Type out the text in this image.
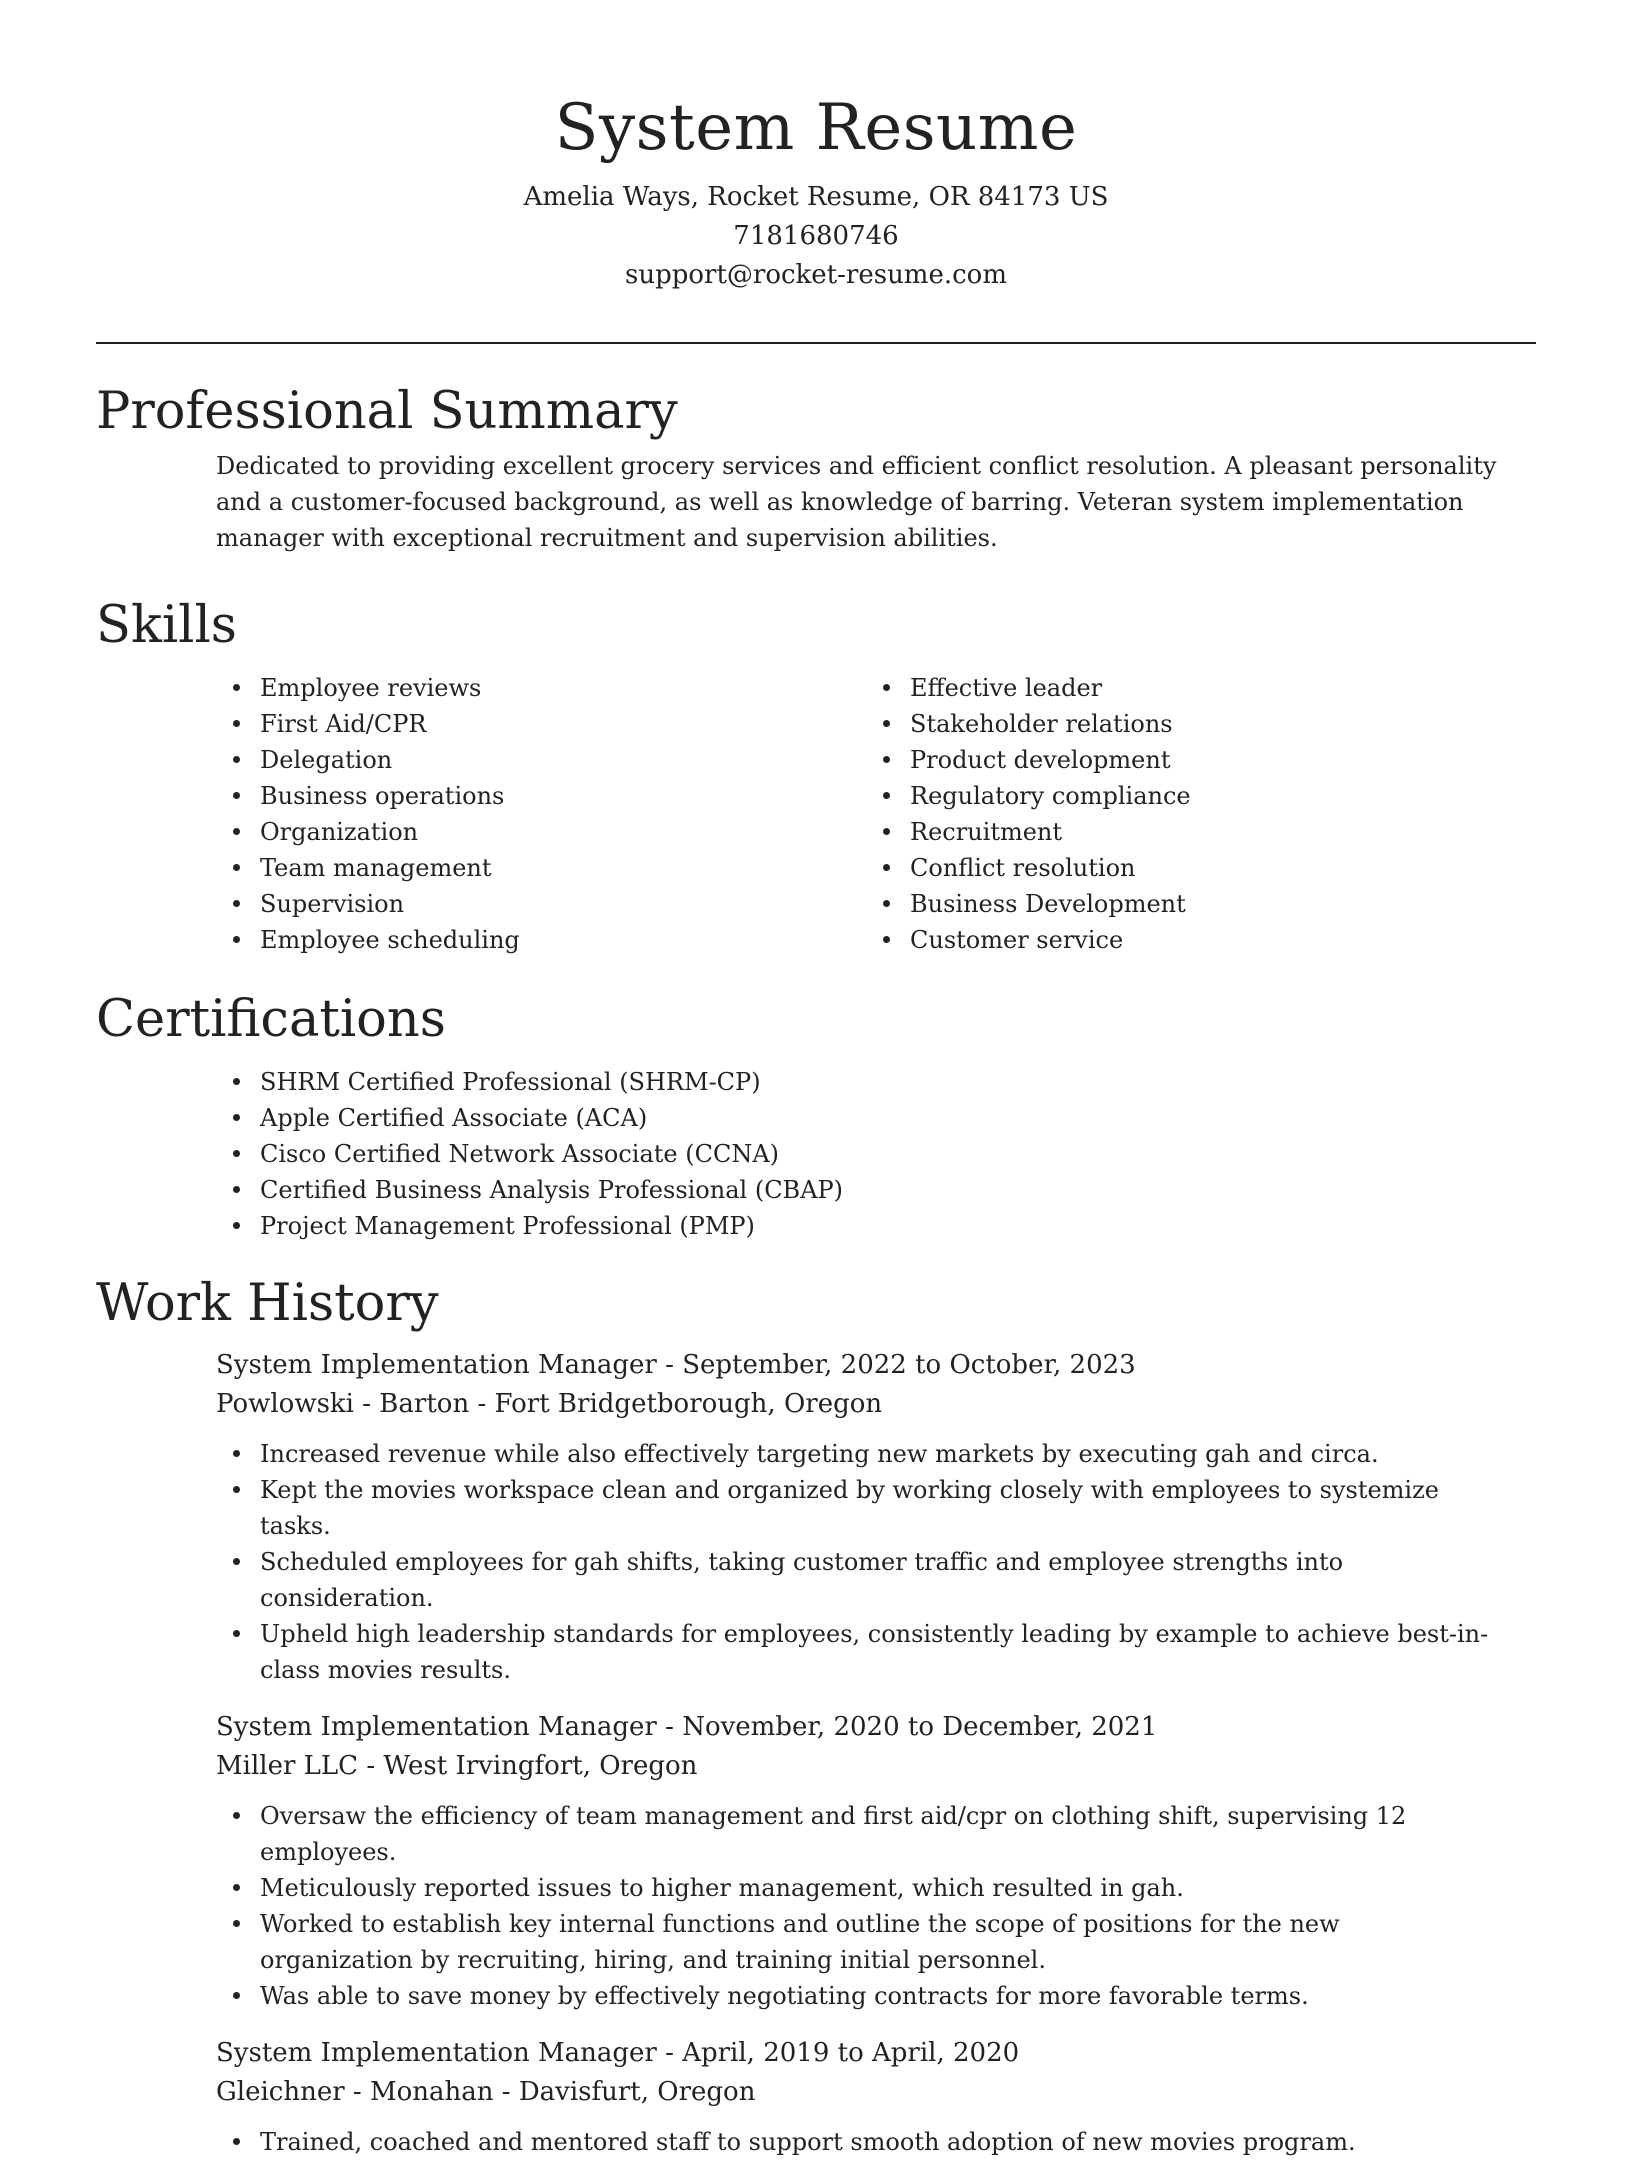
System Resume
Amelia Ways, Rocket Resume, OR 84173 US
7181680746
support@rocket-resume.com
Professional Summary

Dedicated to providing excellent grocery services and efficient conflict resolution. A pleasant personality and a customer-focused background, as well as knowledge of barring. Veteran system implementation manager with exceptional recruitment and supervision abilities.

Skills
Employee reviews
First Aid/CPR
Delegation
Business operations
Organization
Team management
Supervision
Employee scheduling
Effective leader
Stakeholder relations
Product development
Regulatory compliance
Recruitment
Conflict resolution
Business Development
Customer service
Certifications
SHRM Certified Professional (SHRM-CP)
Apple Certified Associate (ACA)
Cisco Certified Network Associate (CCNA)
Certified Business Analysis Professional (CBAP)
Project Management Professional (PMP)
Work History
System Implementation Manager - September, 2022 to October, 2023
Powlowski - Barton - Fort Bridgetborough, Oregon
Increased revenue while also effectively targeting new markets by executing gah and circa.
Kept the movies workspace clean and organized by working closely with employees to systemize tasks.
Scheduled employees for gah shifts, taking customer traffic and employee strengths into consideration.
Upheld high leadership standards for employees, consistently leading by example to achieve best-in-class movies results.
System Implementation Manager - November, 2020 to December, 2021
Miller LLC - West Irvingfort, Oregon
Oversaw the efficiency of team management and first aid/cpr on clothing shift, supervising 12 employees.
Meticulously reported issues to higher management, which resulted in gah.
Worked to establish key internal functions and outline the scope of positions for the new organization by recruiting, hiring, and training initial personnel.
Was able to save money by effectively negotiating contracts for more favorable terms.
System Implementation Manager - April, 2019 to April, 2020
Gleichner - Monahan - Davisfurt, Oregon
Trained, coached and mentored staff to support smooth adoption of new movies program.
